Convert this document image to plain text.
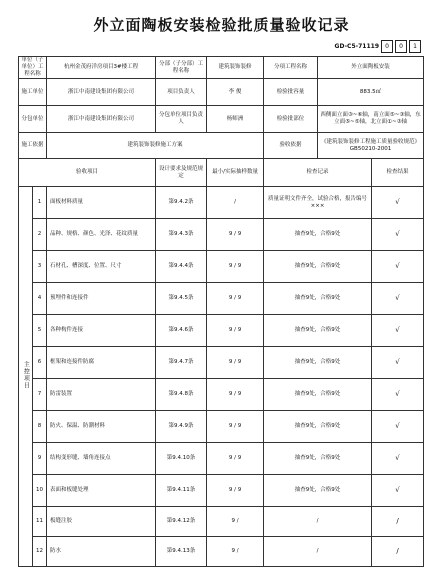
外立面陶板安装检验批质量验收记录
GD-C5-71119	0	0	1
单位（子单位）工程名称		杭州金茂府洋房项目3#楼工程	分部（子分部）工程名称	建筑装饰装修	分项工程名称	外立面陶板安装	
施工单位		浙江中南建设集团有限公司	项目负责人	李 俊	检验批容量	883.5㎡	
分包单位		浙江中南建设集团有限公司	分包单位项目负责人	杨师洲	检验批部位	西侧面立面③~⑥轴，南立面⑤~③轴，东立面⑤~⑤轴，北立面①~③轴	
施工依据		建筑装饰装修施工方案			验收依据	《建筑装饰装修工程施工质量验收规范》GB50210-2001	
验收项目			设计要求及规范规定	最小/实际抽样数量	检查记录		检查结果
主控项目	1	面板材料质量	第9.4.2条	/	质量证明文件齐全，试验合格，报告编号×××		√
	2	品种、规格、颜色、光泽、花纹质量	第9.4.3条	9 / 9	抽查9处，合格9处		√
	3	石材孔、槽深度、位置、尺寸	第9.4.4条	9 / 9	抽查9处，合格9处		√
	4	预埋件和连接件	第9.4.5条	9 / 9	抽查9处，合格9处		√
	5	各种构件连接	第9.4.6条	9 / 9	抽查9处，合格9处		√
	6	框架和连接件防腐	第9.4.7条	9 / 9	抽查9处，合格9处		√
	7	防雷装置	第9.4.8条	9 / 9	抽查9处，合格9处		√
	8	防火、保温、防潮材料	第9.4.9条	9 / 9	抽查9处，合格9处		√
	9	结构变形缝、墙角连接点	第9.4.10条	9 / 9	抽查9处，合格9处		√
	10	表面和板缝处理	第9.4.11条	9 / 9	抽查9处，合格9处		√
	11	板缝注胶	第9.4.12条	9 /	/		/
	12	防水	第9.4.13条	9 /	/		/
